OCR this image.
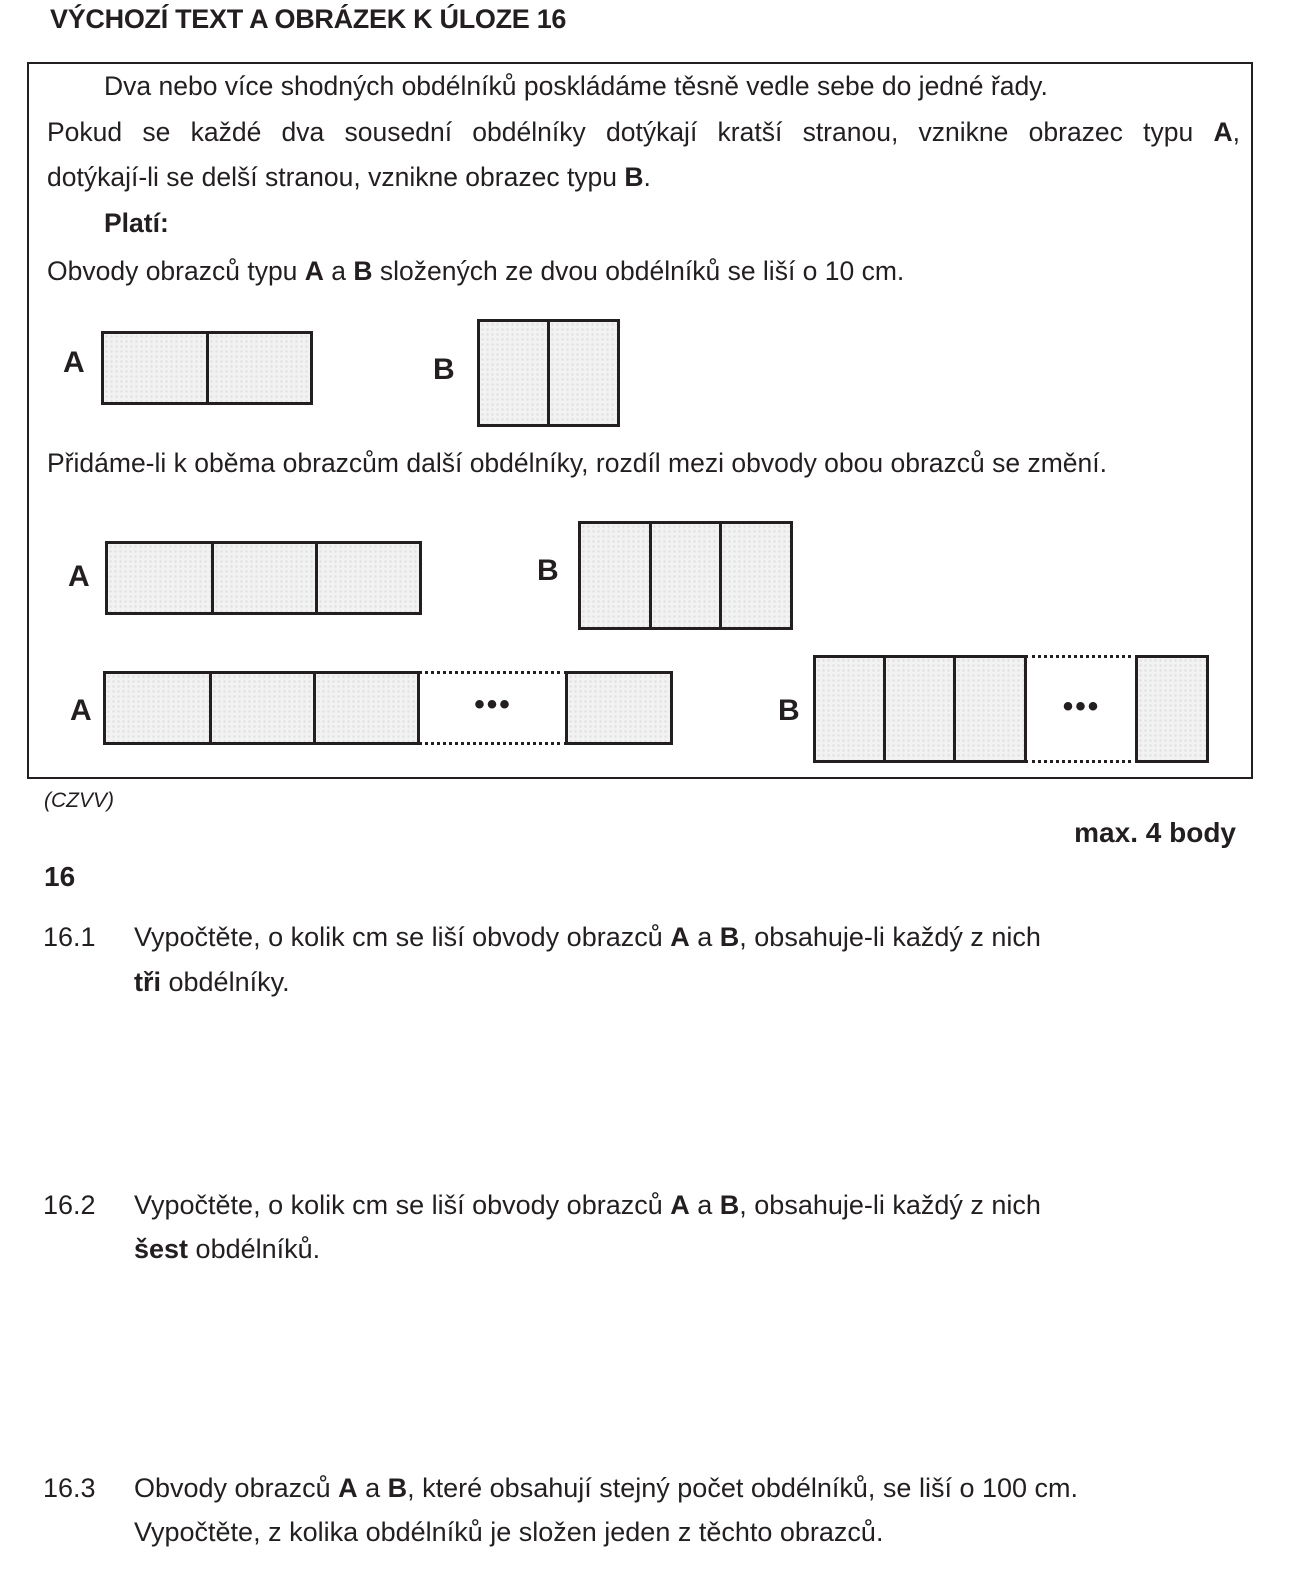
VÝCHOZÍ TEXT A OBRÁZEK K ÚLOZE 16
Dva nebo více shodných obdélníků poskládáme těsně vedle sebe do jedné řady.
Pokud se každé dva sousední obdélníky dotýkají kratší stranou, vznikne obrazec typu A,
dotýkají-li se delší stranou, vznikne obrazec typu B.
Platí:
Obvody obrazců typu A a B složených ze dvou obdélníků se liší o 10 cm.
A	B
Přidáme-li k oběma obrazcům další obdélníky, rozdíl mezi obvody obou obrazců se změní.
A	B
A	•••	B	•••
(CZVV)
max. 4 body
16
16.1 Vypočtěte, o kolik cm se liší obvody obrazců A a B, obsahuje-li každý z nich
tři obdélníky.
16.2 Vypočtěte, o kolik cm se liší obvody obrazců A a B, obsahuje-li každý z nich
šest obdélníků.
16.3 Obvody obrazců A a B, které obsahují stejný počet obdélníků, se liší o 100 cm.
Vypočtěte, z kolika obdélníků je složen jeden z těchto obrazců.
